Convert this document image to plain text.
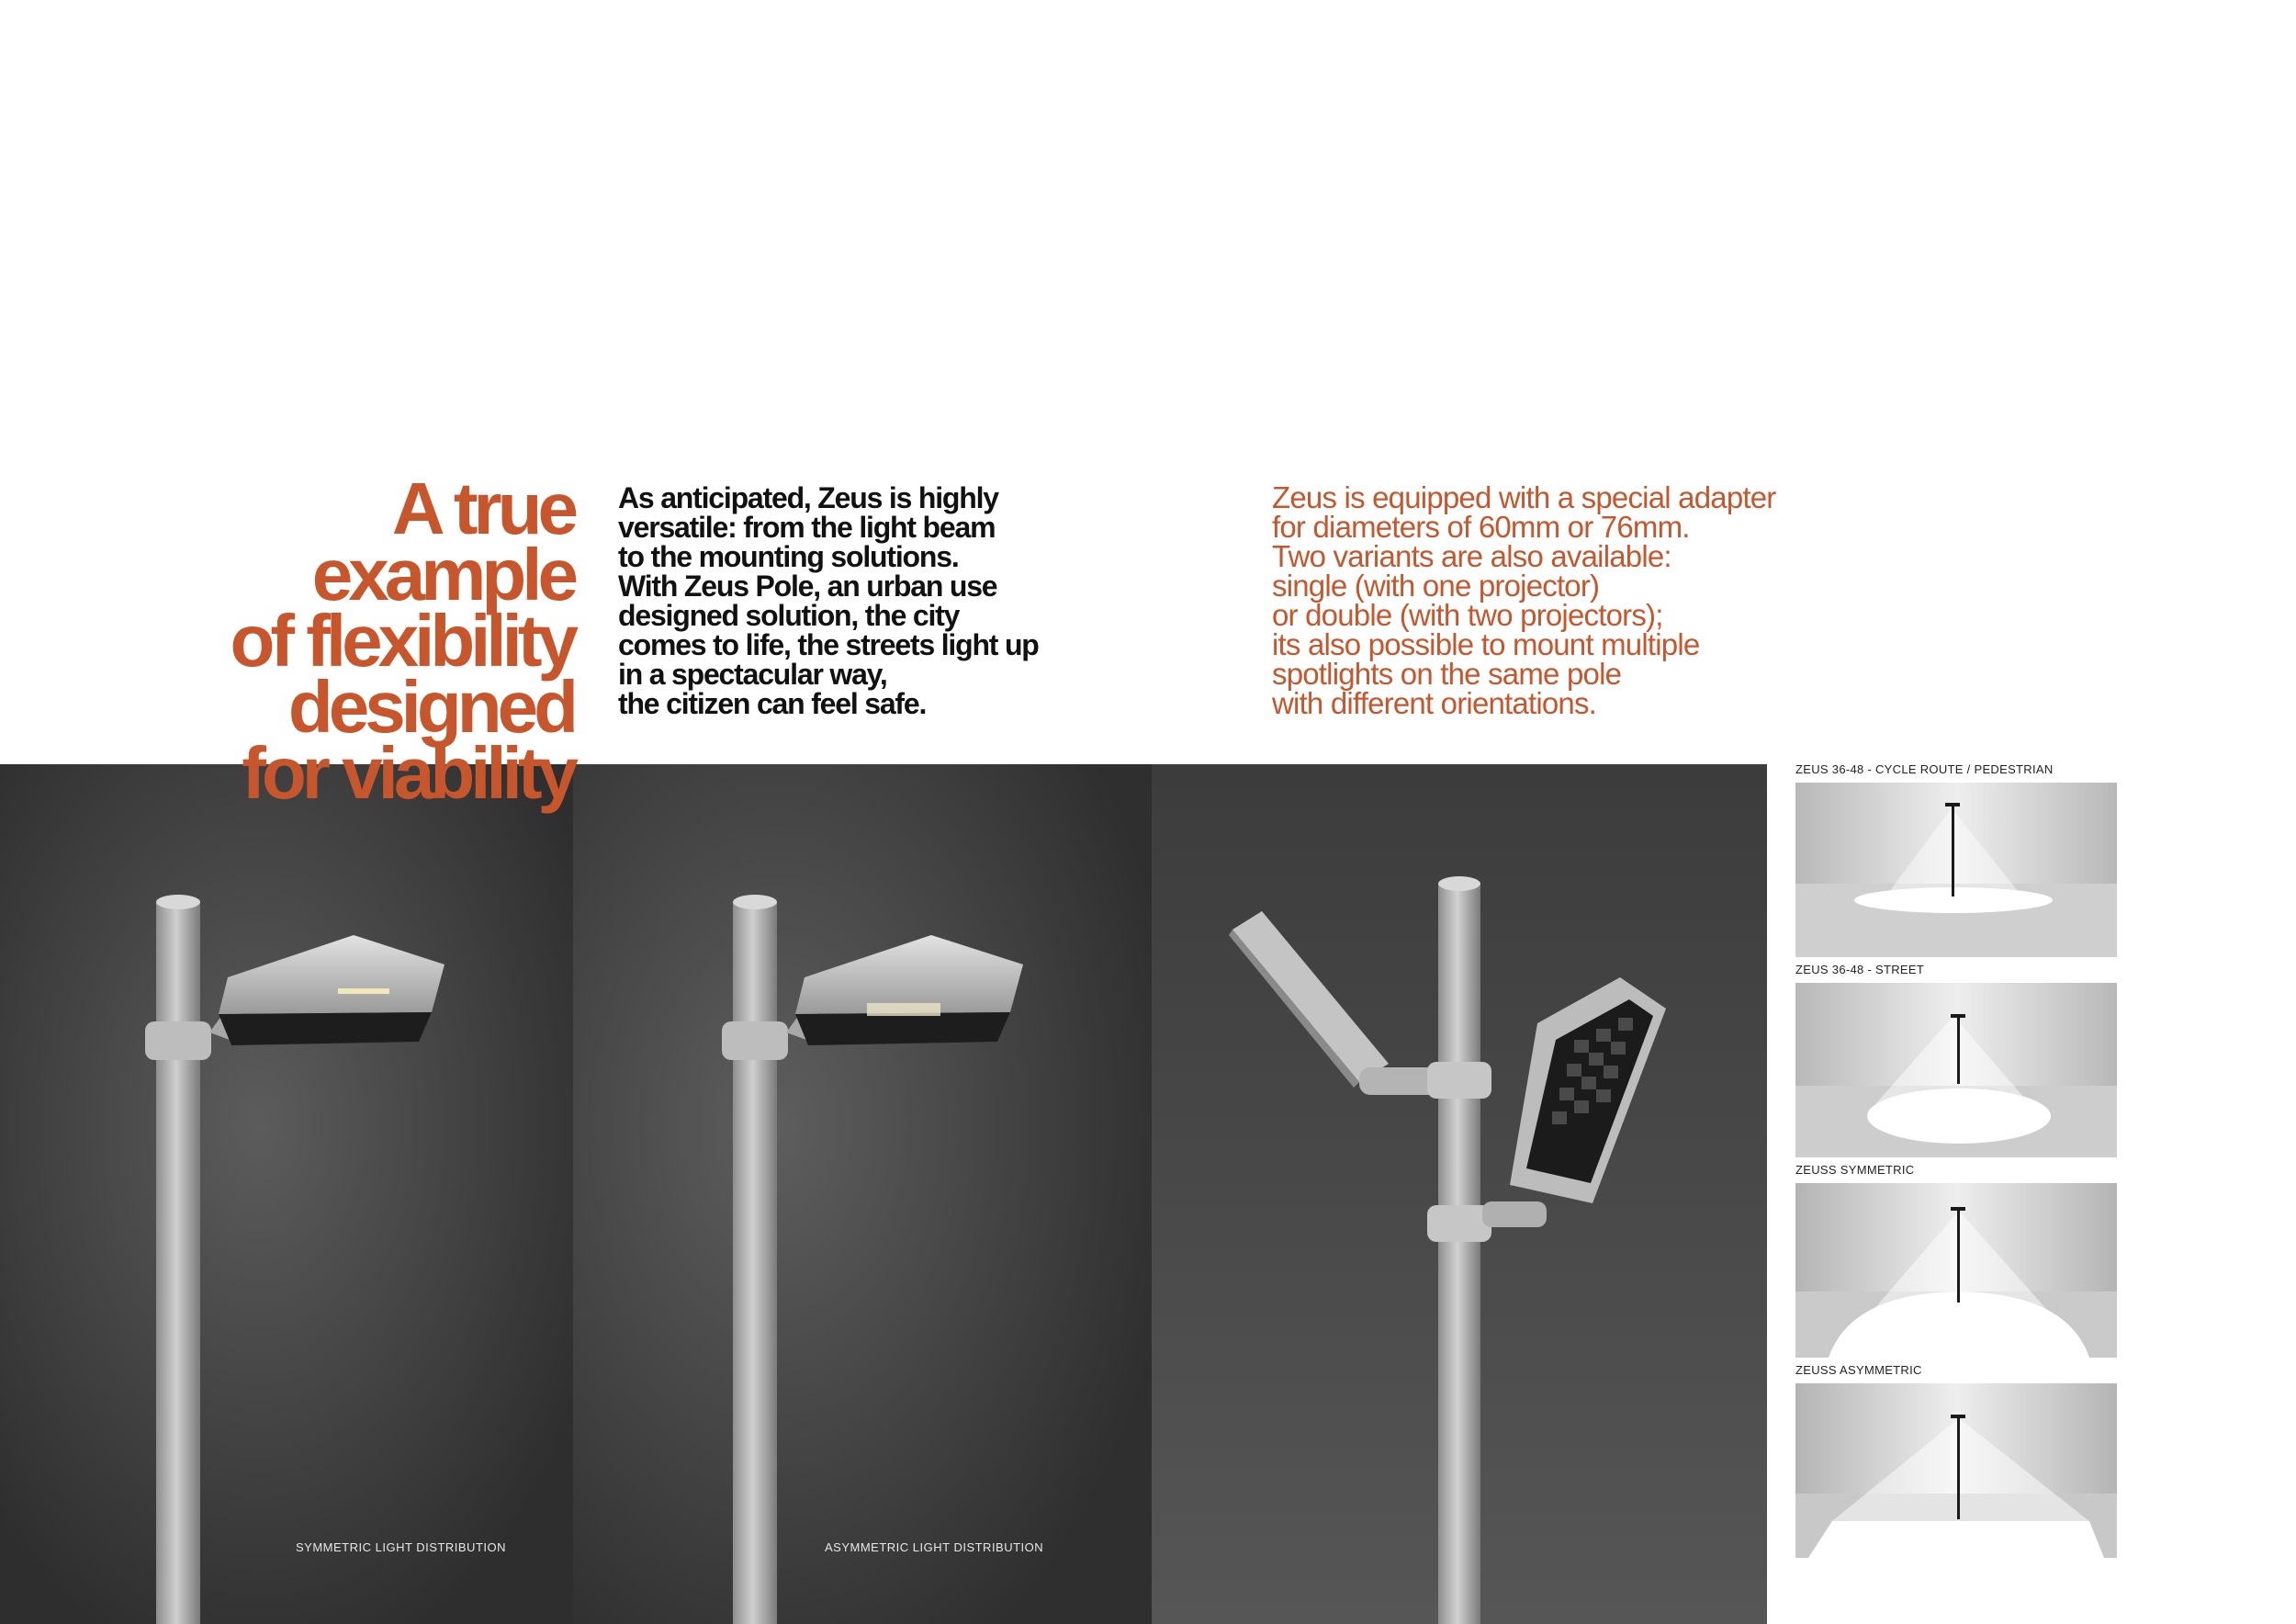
A true
example
of flexibility
designed
for viability

As anticipated, Zeus is highly
versatile: from the light beam
to the mounting solutions.
With Zeus Pole, an urban use
designed solution, the city
comes to life, the streets light up
in a spectacular way,
the citizen can feel safe.

Zeus is equipped with a special adapter
for diameters of 60mm or 76mm.
Two variants are also available:
single (with one projector)
or double (with two projectors);
its also possible to mount multiple
spotlights on the same pole
with different orientations.

SYMMETRIC LIGHT DISTRIBUTION	ASYMMETRIC LIGHT DISTRIBUTION
ZEUS 36-48 - CYCLE ROUTE / PEDESTRIAN
ZEUS 36-48 - STREET
ZEUSS SYMMETRIC
ZEUSS ASYMMETRIC
